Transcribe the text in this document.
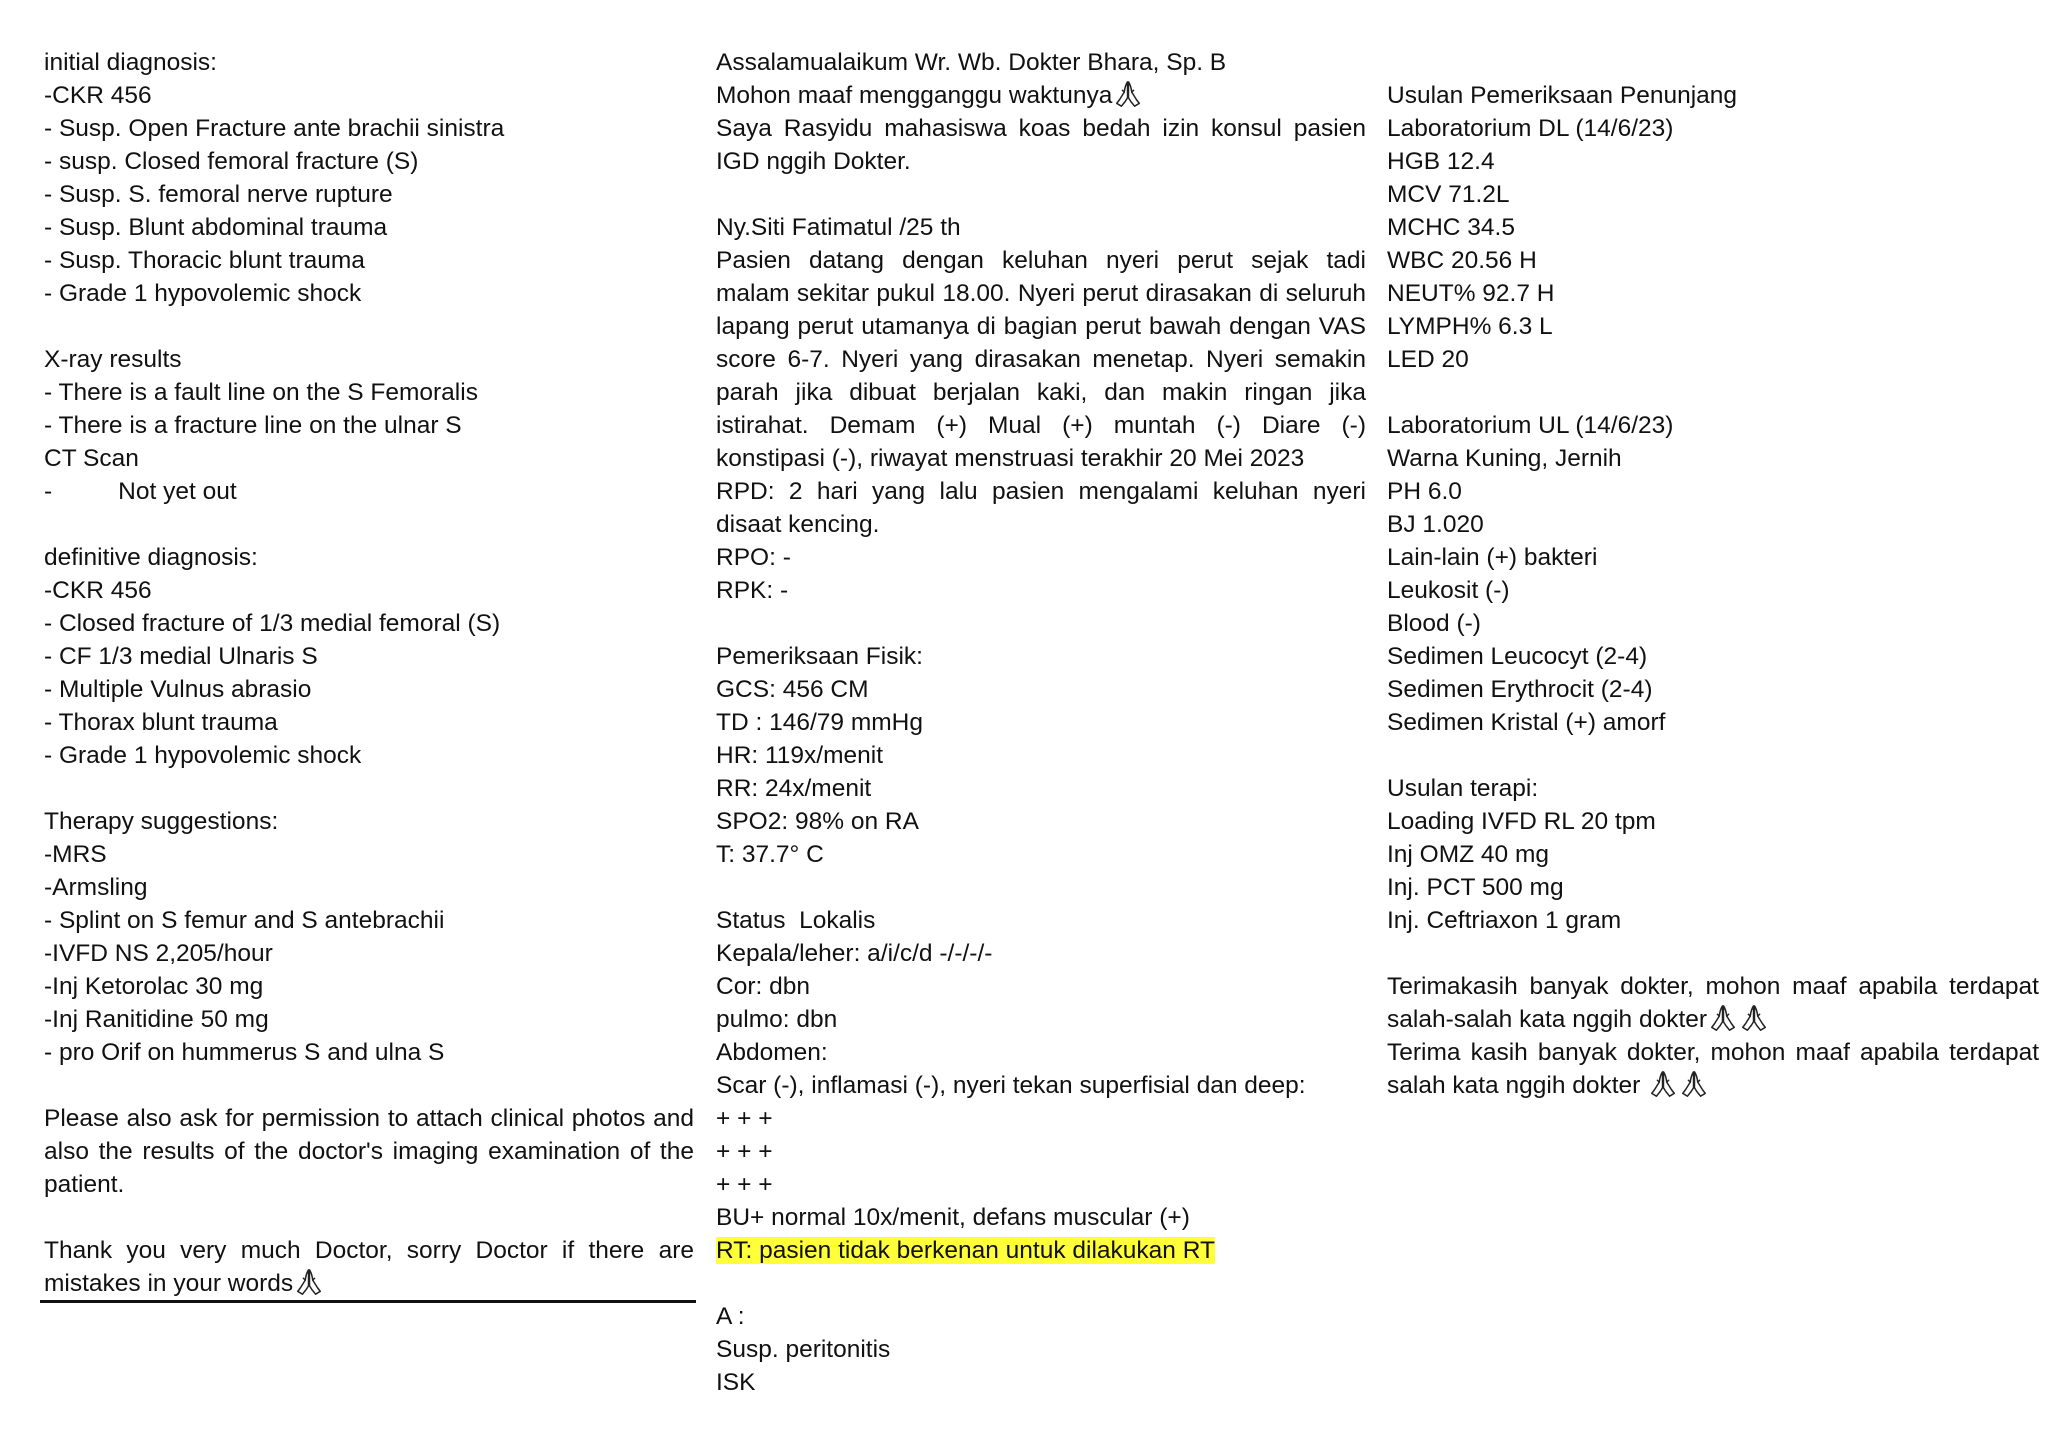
initial diagnosis:
-CKR 456
- Susp. Open Fracture ante brachii sinistra
- susp. Closed femoral fracture (S)
- Susp. S. femoral nerve rupture
- Susp. Blunt abdominal trauma
- Susp. Thoracic blunt trauma
- Grade 1 hypovolemic shock
X-ray results
- There is a fault line on the S Femoralis
- There is a fracture line on the ulnar S
CT Scan
-	Not yet out
definitive diagnosis:
-CKR 456
- Closed fracture of 1/3 medial femoral (S)
- CF 1/3 medial Ulnaris S
- Multiple Vulnus abrasio
- Thorax blunt trauma
- Grade 1 hypovolemic shock
Therapy suggestions:
-MRS
-Armsling
- Splint on S femur and S antebrachii
-IVFD NS 2,205/hour
-Inj Ketorolac 30 mg
-Inj Ranitidine 50 mg
- pro Orif on hummerus S and ulna S
Please also ask for permission to attach clinical photos and also the results of the doctor's imaging examination of the patient.
Thank you very much Doctor, sorry Doctor if there are mistakes in your words
Assalamualaikum Wr. Wb. Dokter Bhara, Sp. B
Mohon maaf mengganggu waktunya
Saya Rasyidu mahasiswa koas bedah izin konsul pasien IGD nggih Dokter.
Ny.Siti Fatimatul /25 th
Pasien datang dengan keluhan nyeri perut sejak tadi malam sekitar pukul 18.00. Nyeri perut dirasakan di seluruh lapang perut utamanya di bagian perut bawah dengan VAS score 6-7. Nyeri yang dirasakan menetap. Nyeri semakin parah jika dibuat berjalan kaki, dan makin ringan jika istirahat. Demam (+) Mual (+) muntah (-) Diare (-) konstipasi (-), riwayat menstruasi terakhir 20 Mei 2023
RPD: 2 hari yang lalu pasien mengalami keluhan nyeri disaat kencing.
RPO: -
RPK: -
Pemeriksaan Fisik:
GCS: 456 CM
TD : 146/79 mmHg
HR: 119x/menit
RR: 24x/menit
SPO2: 98% on RA
T: 37.7° C
Status  Lokalis
Kepala/leher: a/i/c/d -/-/-/-
Cor: dbn
pulmo: dbn
Abdomen:
Scar (-), inflamasi (-), nyeri tekan superfisial dan deep:
+ + +
+ + +
+ + +
BU+ normal 10x/menit, defans muscular (+)
RT: pasien tidak berkenan untuk dilakukan RT
A :
Susp. peritonitis
ISK
Usulan Pemeriksaan Penunjang
Laboratorium DL (14/6/23)
HGB 12.4
MCV 71.2L
MCHC 34.5
WBC 20.56 H
NEUT% 92.7 H
LYMPH% 6.3 L
LED 20
Laboratorium UL (14/6/23)
Warna Kuning, Jernih
PH 6.0
BJ 1.020
Lain-lain (+) bakteri
Leukosit (-)
Blood (-)
Sedimen Leucocyt (2-4)
Sedimen Erythrocit (2-4)
Sedimen Kristal (+) amorf
Usulan terapi:
Loading IVFD RL 20 tpm
Inj OMZ 40 mg
Inj. PCT 500 mg
Inj. Ceftriaxon 1 gram
Terimakasih banyak dokter, mohon maaf apabila terdapat salah-salah kata nggih dokter
Terima kasih banyak dokter, mohon maaf apabila terdapat salah kata nggih dokter
